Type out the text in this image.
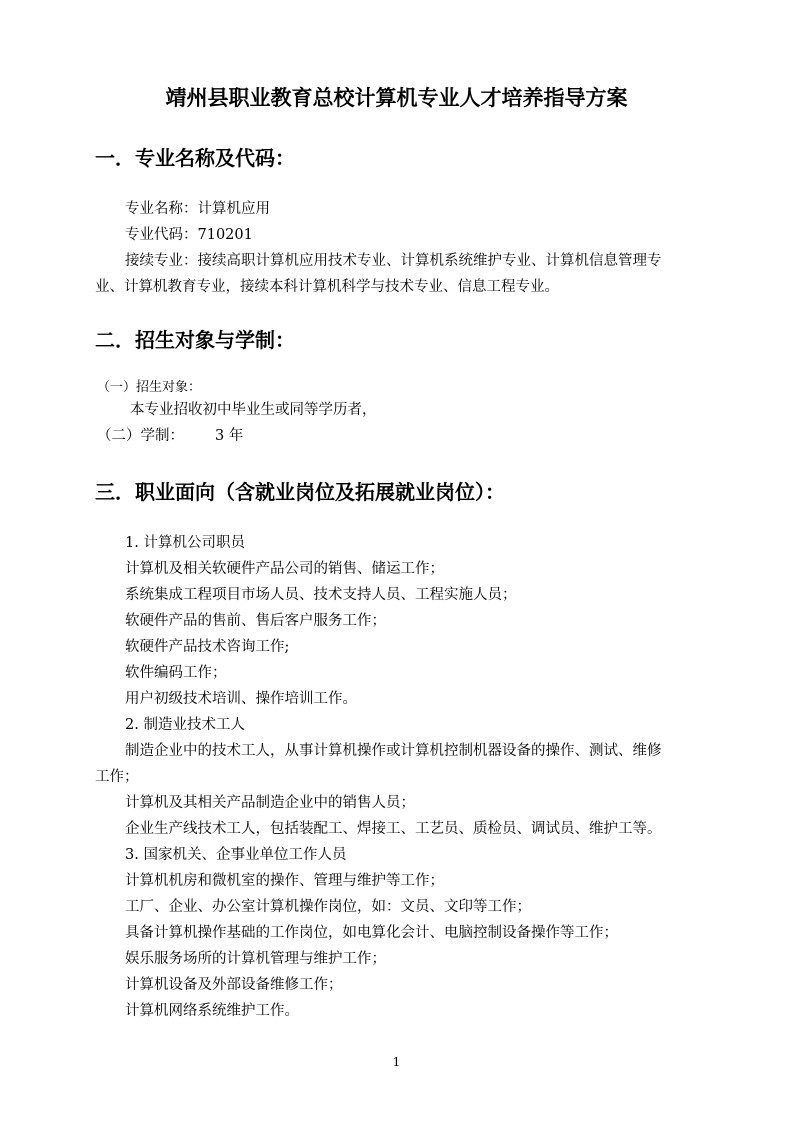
靖州县职业教育总校计算机专业人才培养指导方案
一．专业名称及代码：
专业名称：计算机应用
专业代码：710201
接续专业：接续高职计算机应用技术专业、计算机系统维护专业、计算机信息管理专
业、计算机教育专业，接续本科计算机科学与技术专业、信息工程专业。
二．招生对象与学制：
（一）招生对象：
本专业招收初中毕业生或同等学历者，
（二）学制： 3 年
三．职业面向（含就业岗位及拓展就业岗位）：
1. 计算机公司职员
计算机及相关软硬件产品公司的销售、储运工作；
系统集成工程项目市场人员、技术支持人员、工程实施人员；
软硬件产品的售前、售后客户服务工作；
软硬件产品技术咨询工作;
软件编码工作；
用户初级技术培训、操作培训工作。
2. 制造业技术工人
制造企业中的技术工人，从事计算机操作或计算机控制机器设备的操作、测试、维修
工作；
计算机及其相关产品制造企业中的销售人员；
企业生产线技术工人，包括装配工、焊接工、工艺员、质检员、调试员、维护工等。
3. 国家机关、企事业单位工作人员
计算机机房和微机室的操作、管理与维护等工作；
工厂、企业、办公室计算机操作岗位，如：文员、文印等工作；
具备计算机操作基础的工作岗位，如电算化会计、电脑控制设备操作等工作；
娱乐服务场所的计算机管理与维护工作；
计算机设备及外部设备维修工作；
计算机网络系统维护工作。
1
